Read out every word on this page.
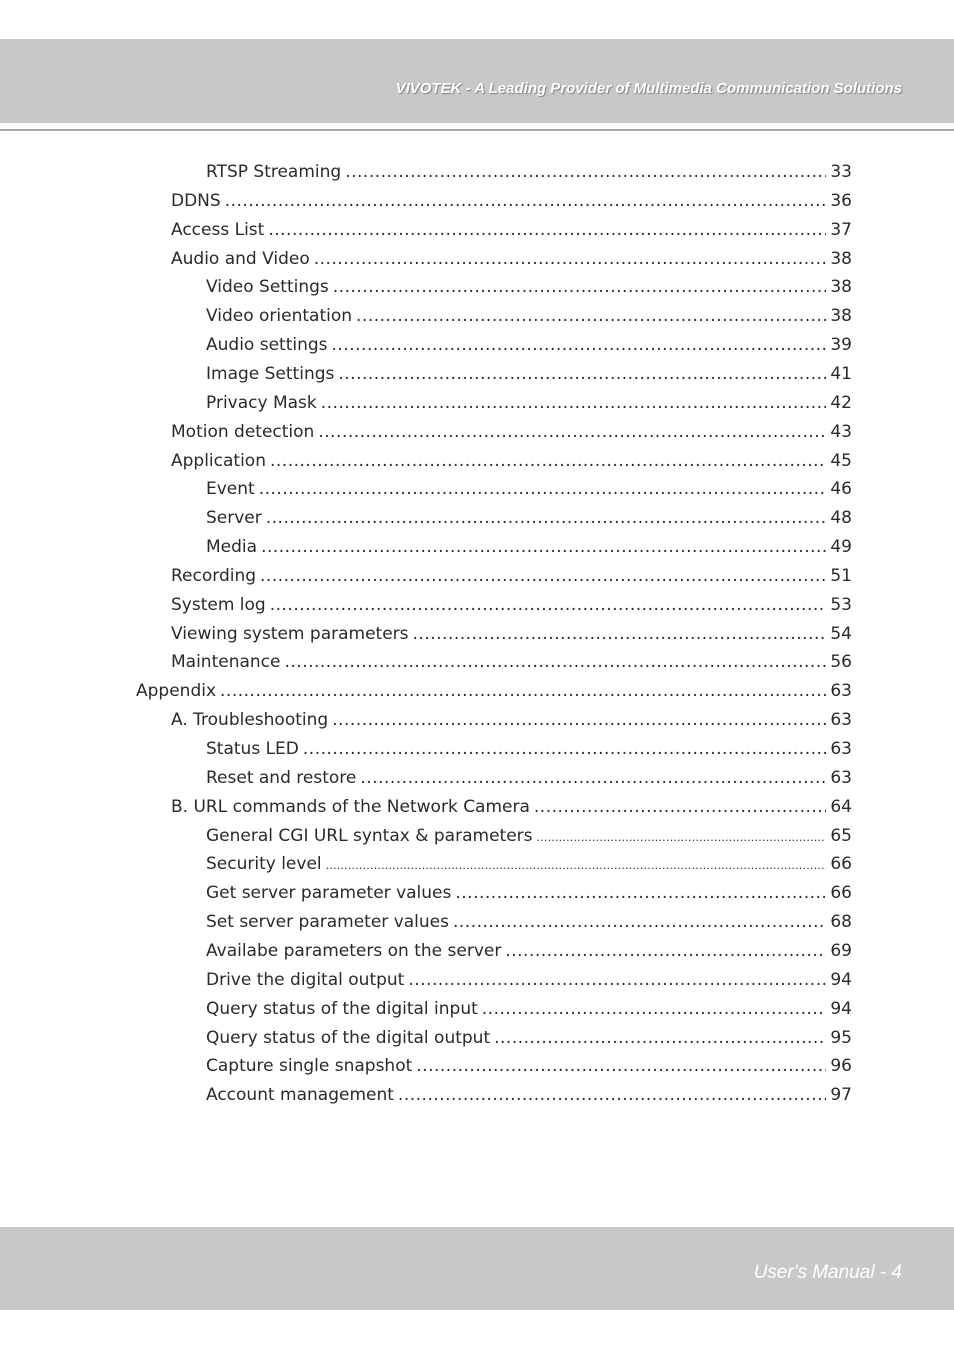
VIVOTEK - A Leading Provider of Multimedia Communication Solutions
RTSP Streaming .....	33
DDNS .....	36
Access List .....	37
Audio and Video .....	38
Video Settings .....	38
Video orientation .....	38
Audio settings .....	39
Image Settings .....	41
Privacy Mask .....	42
Motion detection .....	43
Application .....	45
Event .....	46
Server .....	48
Media .....	49
Recording .....	51
System log .....	53
Viewing system parameters .....	54
Maintenance .....	56
Appendix .....	63
A. Troubleshooting .....	63
Status LED .....	63
Reset and restore .....	63
B. URL commands of the Network Camera .....	64
General CGI URL syntax & parameters .....	65
Security level .....	66
Get server parameter values .....	66
Set server parameter values .....	68
Availabe parameters on the server .....	69
Drive the digital output .....	94
Query status of the digital input .....	94
Query status of the digital output .....	95
Capture single snapshot .....	96
Account management .....	97
User's Manual - 4
